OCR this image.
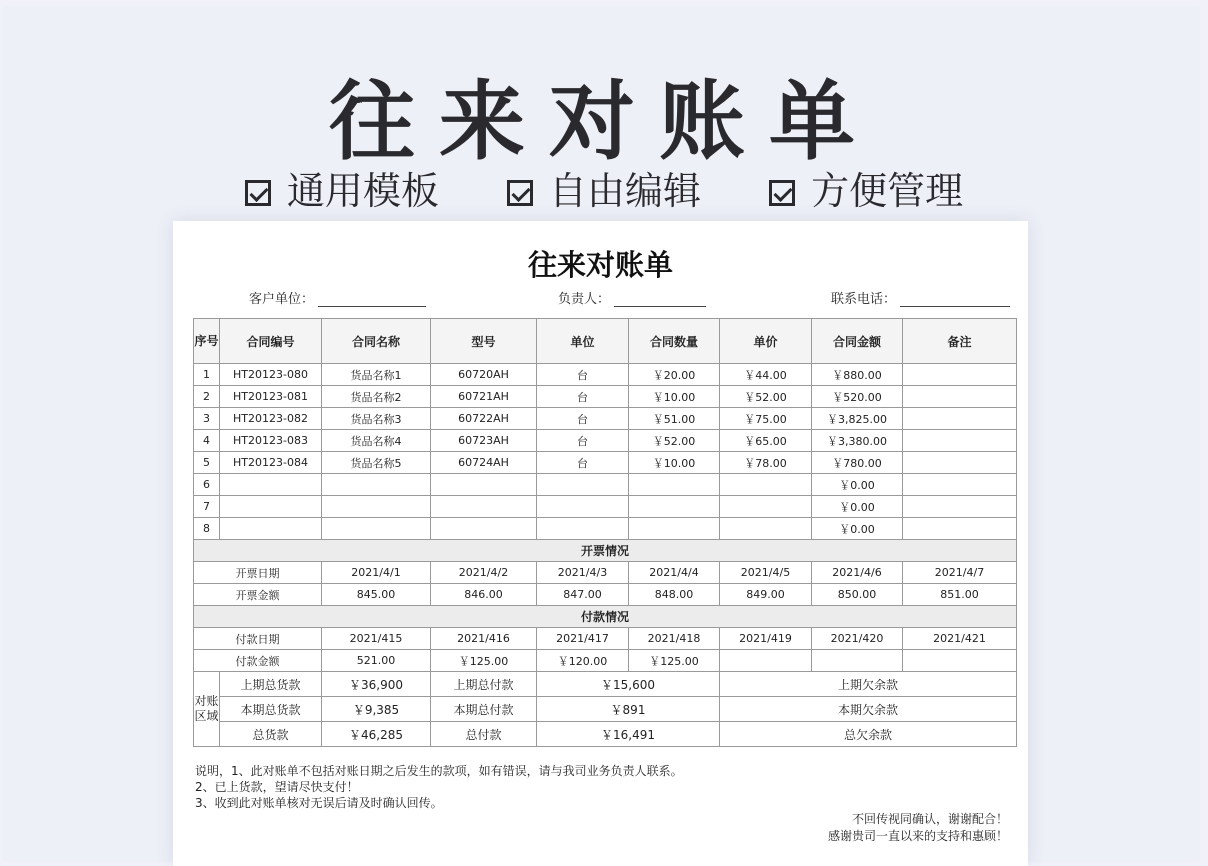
往来对账单
通用模板	自由编辑	方便管理
往来对账单
客户单位：	负责人：	联系电话：
序号	合同编号	合同名称	型号	单位	合同数量	单价	合同金额	备注	
1	HT20123-080	货品名称1	60720AH	台	￥20.00	￥44.00	￥880.00		
2	HT20123-081	货品名称2	60721AH	台	￥10.00	￥52.00	￥520.00		
3	HT20123-082	货品名称3	60722AH	台	￥51.00	￥75.00	￥3,825.00		
4	HT20123-083	货品名称4	60723AH	台	￥52.00	￥65.00	￥3,380.00		
5	HT20123-084	货品名称5	60724AH	台	￥10.00	￥78.00	￥780.00		
6							￥0.00		
7							￥0.00		
8							￥0.00		
开票情况									
开票日期		2021/4/1	2021/4/2	2021/4/3	2021/4/4	2021/4/5	2021/4/6	2021/4/7	
开票金额		845.00	846.00	847.00	848.00	849.00	850.00	851.00	
付款情况									
付款日期		2021/415	2021/416	2021/417	2021/418	2021/419	2021/420	2021/421	
付款金额		521.00	￥125.00	￥120.00	￥125.00				
对账区域	上期总货款	￥36,900	上期总付款	￥15,600		上期欠余款	
	本期总货款	￥9,385	本期总付款	￥891		本期欠余款	
	总货款	￥46,285	总付款	￥16,491		总欠余款	
说明，1、此对账单不包括对账日期之后发生的款项，如有错误，请与我司业务负责人联系。
2、已上货款，望请尽快支付！
3、收到此对账单核对无误后请及时确认回传。
不回传视同确认，谢谢配合！
感谢贵司一直以来的支持和惠顾！
